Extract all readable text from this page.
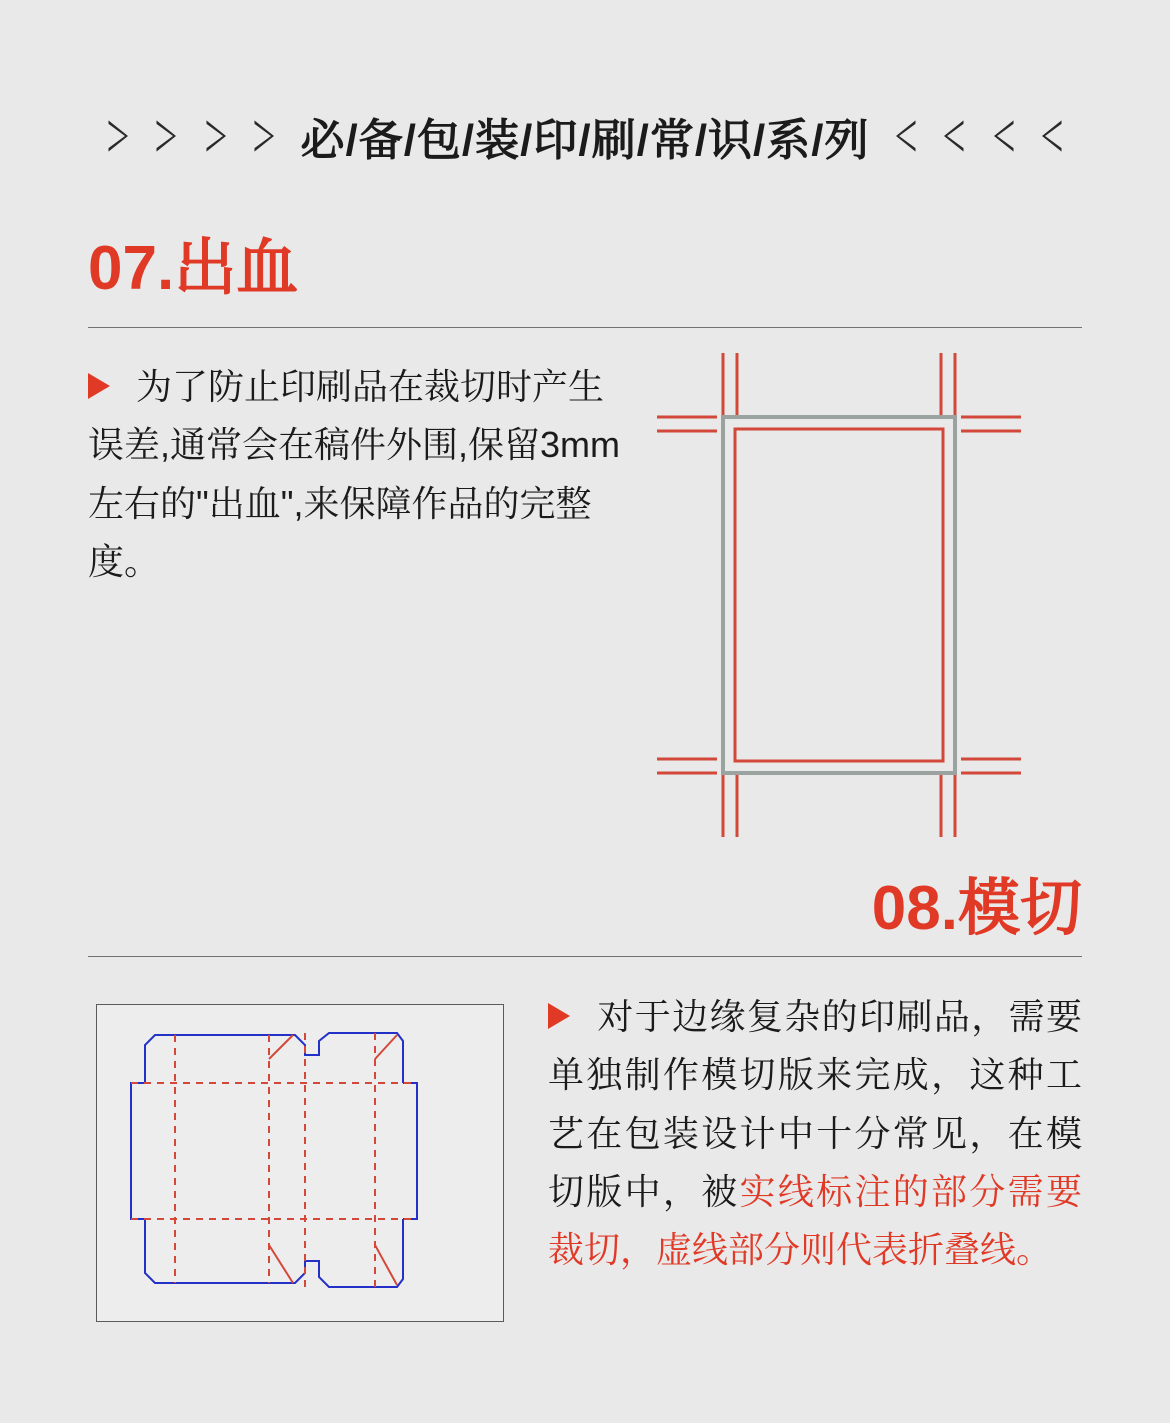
必/备/包/装/印/刷/常/识/系/列
07.出血
为了防止印刷品在裁切时产生误差,通常会在稿件外围,保留3mm左右的"出血",来保障作品的完整度。
08.模切
对于边缘复杂的印刷品，需要单独制作模切版来完成，这种工艺在包装设计中十分常见，在模切版中，被实线标注的部分需要裁切，虚线部分则代表折叠线。
